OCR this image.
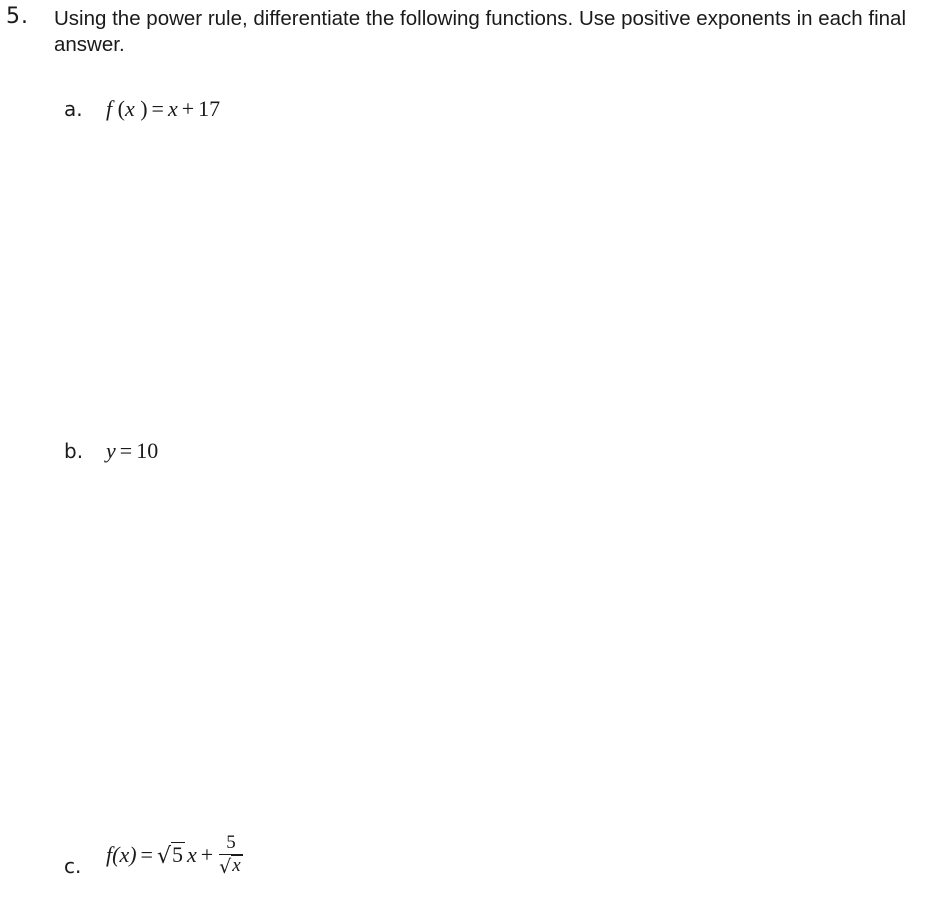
5. Using the power rule, differentiate the following functions. Use positive exponents in each final answer.
a.	f (x ) = x + 17
b.	y = 10
c.	f(x) = √ 5 $x + \frac{5}{√ x}$
